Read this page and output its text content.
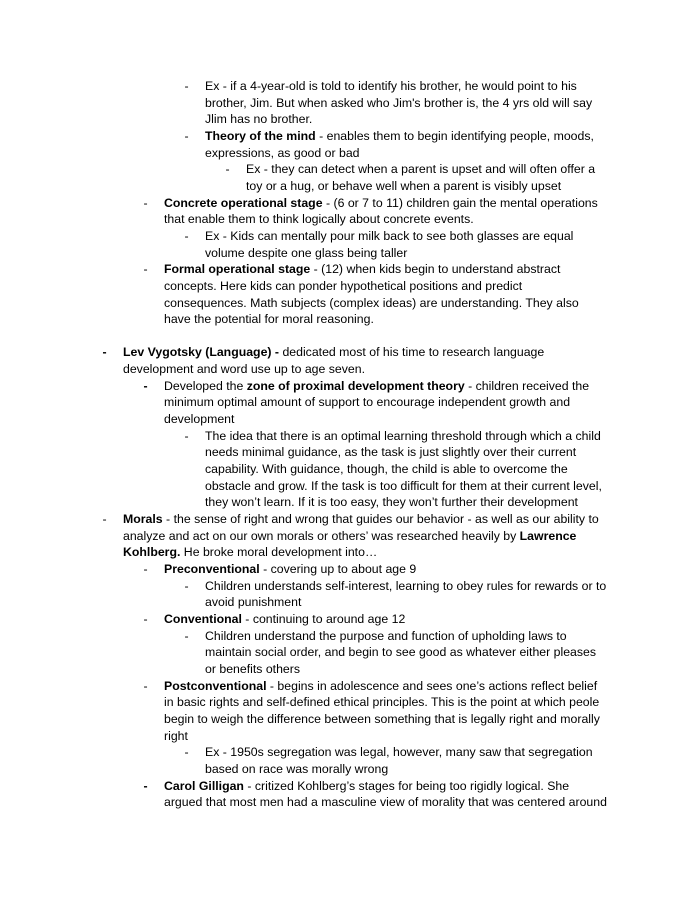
-	Ex - if a 4-year-old is told to identify his brother, he would point to his
brother, Jim. But when asked who Jim's brother is, the 4 yrs old will say
Jlim has no brother.
-	Theory of the mind - enables them to begin identifying people, moods,
expressions, as good or bad
-	Ex - they can detect when a parent is upset and will often offer a
toy or a hug, or behave well when a parent is visibly upset
-	Concrete operational stage - (6 or 7 to 11) children gain the mental operations
that enable them to think logically about concrete events.
-	Ex - Kids can mentally pour milk back to see both glasses are equal
volume despite one glass being taller
-	Formal operational stage - (12) when kids begin to understand abstract
concepts. Here kids can ponder hypothetical positions and predict
consequences. Math subjects (complex ideas) are understanding. They also
have the potential for moral reasoning.
-	Lev Vygotsky (Language) - dedicated most of his time to research language
development and word use up to age seven.
-	Developed the zone of proximal development theory - children received the
minimum optimal amount of support to encourage independent growth and
development
-	The idea that there is an optimal learning threshold through which a child
needs minimal guidance, as the task is just slightly over their current
capability. With guidance, though, the child is able to overcome the
obstacle and grow. If the task is too difficult for them at their current level,
they won’t learn. If it is too easy, they won’t further their development
-	Morals - the sense of right and wrong that guides our behavior - as well as our ability to
analyze and act on our own morals or others’ was researched heavily by Lawrence
Kohlberg. He broke moral development into…
-	Preconventional - covering up to about age 9
-	Children understands self-interest, learning to obey rules for rewards or to
avoid punishment
-	Conventional - continuing to around age 12
-	Children understand the purpose and function of upholding laws to
maintain social order, and begin to see good as whatever either pleases
or benefits others
-	Postconventional - begins in adolescence and sees one’s actions reflect belief
in basic rights and self-defined ethical principles. This is the point at which peole
begin to weigh the difference between something that is legally right and morally
right
-	Ex - 1950s segregation was legal, however, many saw that segregation
based on race was morally wrong
-	Carol Gilligan - critized Kohlberg’s stages for being too rigidly logical. She
argued that most men had a masculine view of morality that was centered around
